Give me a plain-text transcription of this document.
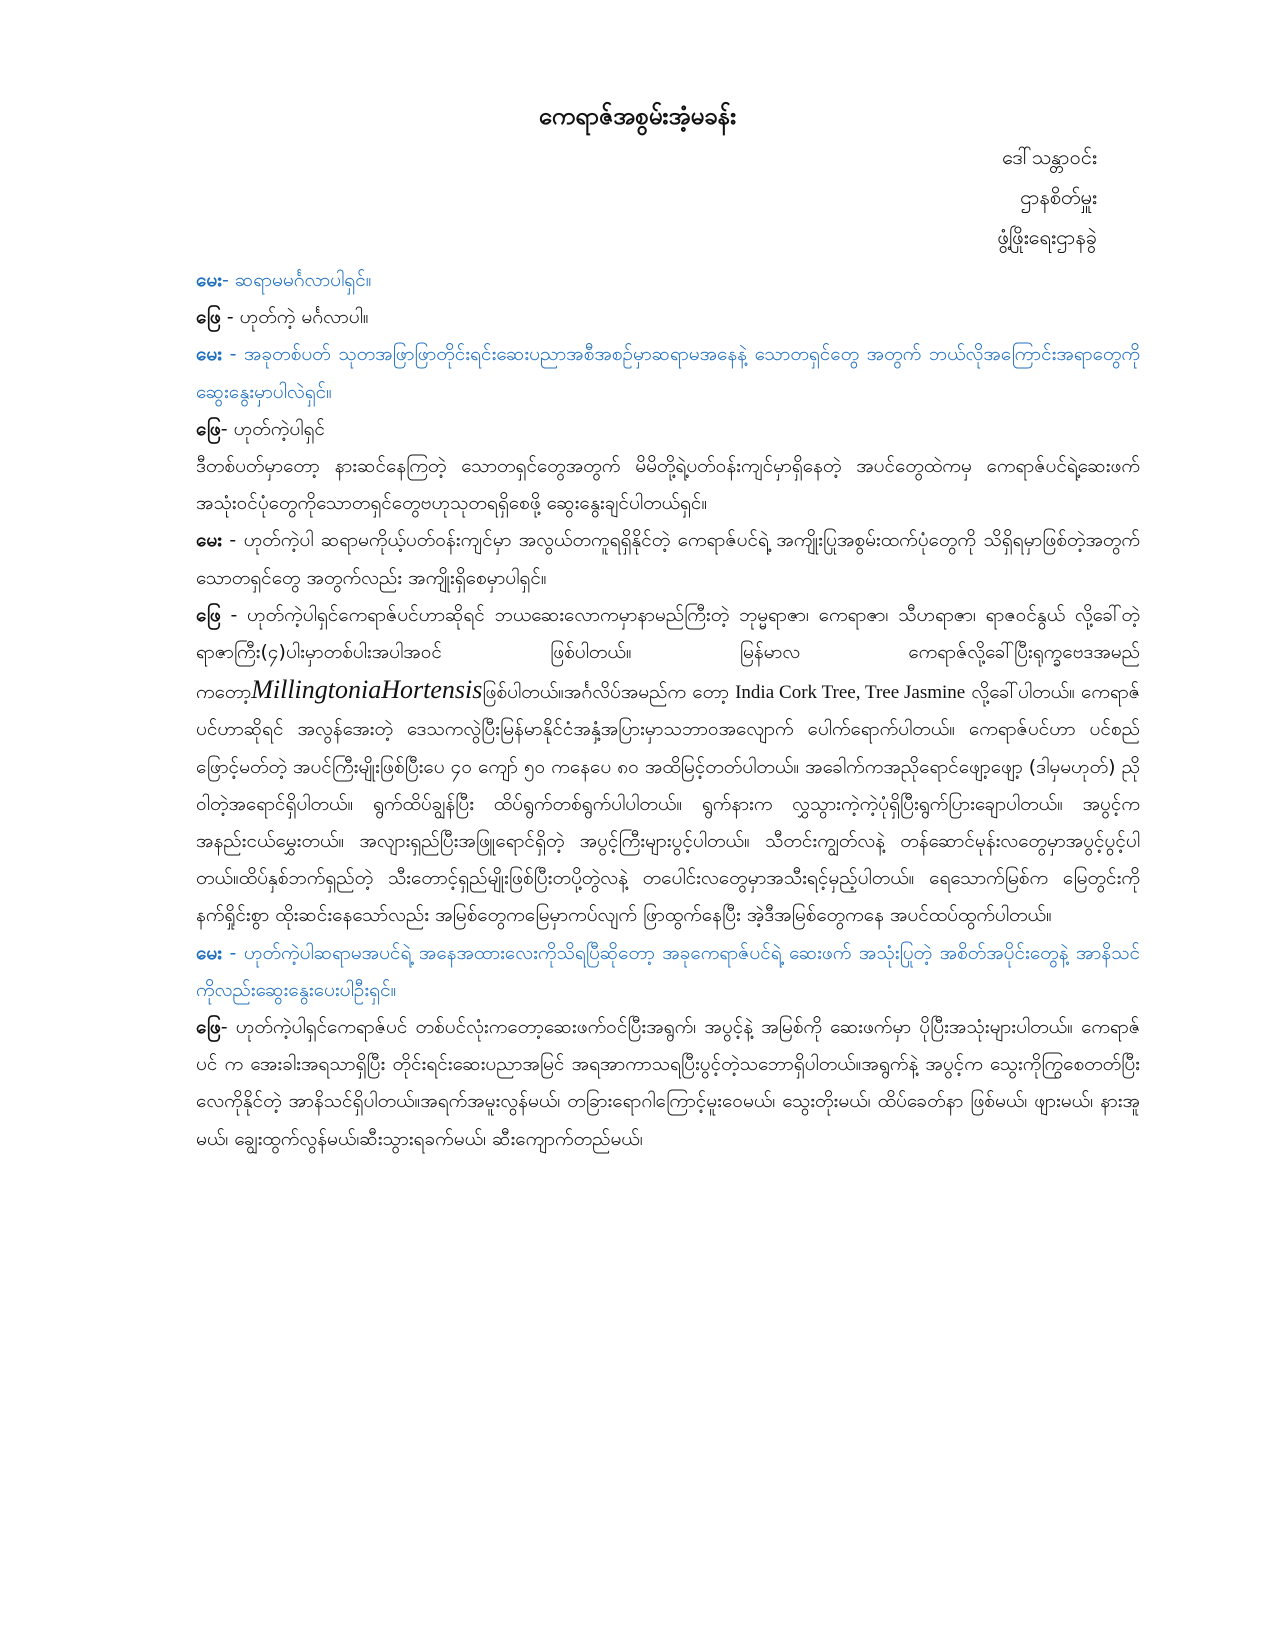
ကေရာဇ်အစွမ်းအံ့မခန်း
ဒေါ်သန္တာဝင်း
ဌာနစိတ်မှူး
ဖွံ့ဖြိုးရေးဌာနခွဲ

မေး- ဆရာမမင်္ဂလာပါရှင်။

ဖြေ - ဟုတ်ကဲ့ မင်္ဂလာပါ။

မေး - အခုတစ်ပတ် သုတအဖြာဖြာတိုင်းရင်းဆေးပညာအစီအစဉ်မှာဆရာမအနေနဲ့ သောတရှင်တွေ အတွက် ဘယ်လိုအကြောင်းအရာတွေကိုဆွေးနွေးမှာပါလဲရှင်။

ဖြေ- ဟုတ်ကဲ့ပါရှင်

ဒီတစ်ပတ်မှာတော့ နားဆင်နေကြတဲ့ သောတရှင်တွေအတွက် မိမိတို့ရဲ့ပတ်ဝန်းကျင်မှာရှိနေတဲ့ အပင်တွေထဲကမှ ကေရာဇ်ပင်ရဲ့ဆေးဖက်အသုံးဝင်ပုံတွေကိုသောတရှင်တွေဗဟုသုတရရှိစေဖို့ ဆွေးနွေးချင်ပါတယ်ရှင်။

မေး - ဟုတ်ကဲ့ပါ ဆရာမကိုယ့်ပတ်ဝန်းကျင်မှာ အလွယ်တကူရရှိနိုင်တဲ့ ကေရာဇ်ပင်ရဲ့ အကျိုးပြုအစွမ်းထက်ပုံတွေကို သိရှိရမှာဖြစ်တဲ့အတွက် သောတရှင်တွေ အတွက်လည်း အကျိုးရှိစေမှာပါရှင်။

ဖြေ - ဟုတ်ကဲ့ပါရှင်ကေရာဇ်ပင်ဟာဆိုရင် ဘယဆေးလောကမှာနာမည်ကြီးတဲ့ ဘုမ္မရာဇာ၊ ကေရာဇာ၊ သီဟရာဇာ၊ ရာဇဝင်နွယ် လို့ခေါ်တဲ့ ရာဇာကြီး(၄)ပါးမှာတစ်ပါးအပါအဝင် ဖြစ်ပါတယ်။ မြန်မာလ ကေရာဇ်လို့ခေါ်ပြီးရုက္ခဗေဒအမည်ကတော့MillingtoniaHortensisဖြစ်ပါတယ်။အင်္ဂလိပ်အမည်က တော့ India Cork Tree, Tree Jasmine လို့ခေါ်ပါတယ်။ ကေရာဇ်ပင်ဟာဆိုရင် အလွန်အေးတဲ့ ဒေသကလွဲပြီးမြန်မာနိုင်ငံအနှံ့အပြားမှာသဘာဝအလျောက် ပေါက်ရောက်ပါတယ်။ ကေရာဇ်ပင်ဟာ ပင်စည်ဖြောင့်မတ်တဲ့ အပင်ကြီးမျိုးဖြစ်ပြီးပေ ၄၀ ကျော် ၅၀ ကနေပေ ၈၀ အထိမြင့်တတ်ပါတယ်။ အခေါက်ကအညိုရောင်ဖျော့ဖျော့ (ဒါမှမဟုတ်) ညိုဝါတဲ့အရောင်ရှိပါတယ်။ ရွက်ထိပ်ချွန်ပြီး ထိပ်ရွက်တစ်ရွက်ပါပါတယ်။ ရွက်နားက လွှသွားကဲ့ကဲ့ပုံရှိပြီးရွက်ပြားချောပါတယ်။ အပွင့်က အနည်းငယ်မွှေးတယ်။ အလျားရှည်ပြီးအဖြူရောင်ရှိတဲ့ အပွင့်ကြီးများပွင့်ပါတယ်။ သီတင်းကျွတ်လနဲ့ တန်ဆောင်မုန်းလတွေမှာအပွင့်ပွင့်ပါတယ်။ထိပ်နှစ်ဘက်ရှည်တဲ့ သီးတောင့်ရှည်မျိုးဖြစ်ပြီးတပို့တွဲလနဲ့ တပေါင်းလတွေမှာအသီးရင့်မှည့်ပါတယ်။ ရေသောက်မြစ်က မြေတွင်းကိုနက်ရှိုင်းစွာ ထိုးဆင်းနေသော်လည်း အမြစ်တွေကမြေမှာကပ်လျက် ဖြာထွက်နေပြီး အဲ့ဒီအမြစ်တွေကနေ အပင်ထပ်ထွက်ပါတယ်။

မေး - ဟုတ်ကဲ့ပါဆရာမအပင်ရဲ့ အနေအထားလေးကိုသိရပြီဆိုတော့ အခုကေရာဇ်ပင်ရဲ့ ဆေးဖက် အသုံးပြုတဲ့ အစိတ်အပိုင်းတွေနဲ့ အာနိသင်ကိုလည်းဆွေးနွေးပေးပါဦးရှင်။

ဖြေ- ဟုတ်ကဲ့ပါရှင်ကေရာဇ်ပင် တစ်ပင်လုံးကတော့ဆေးဖက်ဝင်ပြီးအရွက်၊ အပွင့်နဲ့ အမြစ်ကို ဆေးဖက်မှာ ပိုပြီးအသုံးများပါတယ်။ ကေရာဇ်ပင် က အေးခါးအရသာရှိပြီး တိုင်းရင်းဆေးပညာအမြင် အရအာကာသရပြီးပွင့်တဲ့သဘောရှိပါတယ်။အရွက်နဲ့ အပွင့်က သွေးကိုကြွစေတတ်ပြီးလေကိုနိုင်တဲ့ အာနိသင်ရှိပါတယ်။အရက်အမူးလွန်မယ်၊ တခြားရောဂါကြောင့်မူးဝေမယ်၊ သွေးတိုးမယ်၊ ထိပ်ခေတ်နာ ဖြစ်မယ်၊ ဖျားမယ်၊ နားအူမယ်၊ ချွေးထွက်လွန်မယ်၊ဆီးသွားရခက်မယ်၊ ဆီးကျောက်တည်မယ်၊
